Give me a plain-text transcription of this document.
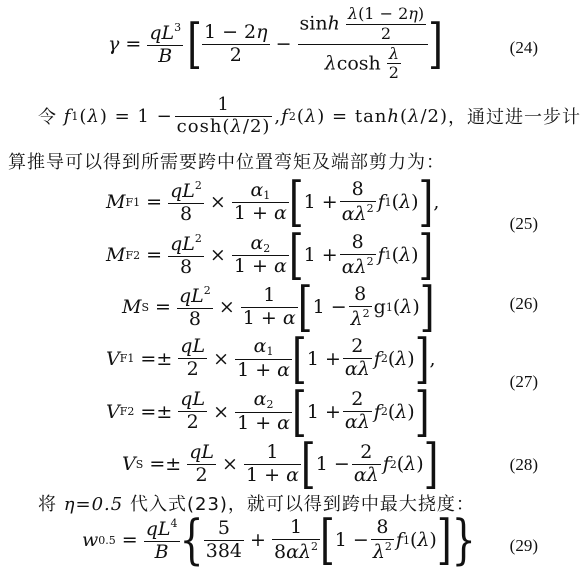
$\gamma = \frac{qL^3}{B}$ [ $\frac{1 - 2\eta}{2} - \frac{\sinh \frac{\lambda(1 - 2\eta)}{2}}{\lambda\cosh \frac{\lambda}{2}}$ ]	(24)
令
f 1 ( λ ) = $1 - \frac{1}{\cosh(\lambda/2)}$ , f 2 ( λ ) = tan h ( λ /2) ，通过进一步计
算推导可以得到所需要跨中位置弯矩及端部剪力为：
M $F1 = \frac{qL^2}{8} \times \frac{\alpha_1}{1 + \alpha}$ [ $1 + \frac{8}{\alpha\lambda^2}$ f 1 ( λ ) ] ,
(25)
M $F2 = \frac{qL^2}{8} \times \frac{\alpha_2}{1 + \alpha}$ [ $1 + \frac{8}{\alpha\lambda^2}$ f 1 ( λ ) ]
M $S = \frac{qL^2}{8} \times \frac{1}{1 + \alpha}$ [ $1 - \frac{8}{\lambda^2}$ g 1 ( λ ) ]	(26)
V $F1 =\pm \frac{qL}{2} \times \frac{\alpha_1}{1 + \alpha}$ [ $1 + \frac{2}{\alpha\lambda}$ f 2 ( λ ) ] ,
(27)
V $F2 =\pm \frac{qL}{2} \times \frac{\alpha_2}{1 + \alpha}$ [ $1 + \frac{2}{\alpha\lambda}$ f 2 ( λ ) ]
V $S =\pm \frac{qL}{2} \times \frac{1}{1 + \alpha}$ [ $1 - \frac{2}{\alpha\lambda}$ f 2 ( λ ) ]	(28)
将 η=0.5 代入式(23)，就可以得到跨中最大挠度：
w $0.5 = \frac{qL^4}{B}$ { $\frac{5}{384} + \frac{1}{8\alpha\lambda^2}$ [ $1 - \frac{8}{\lambda^2}$ f 1 ( λ ) ] } (29)
